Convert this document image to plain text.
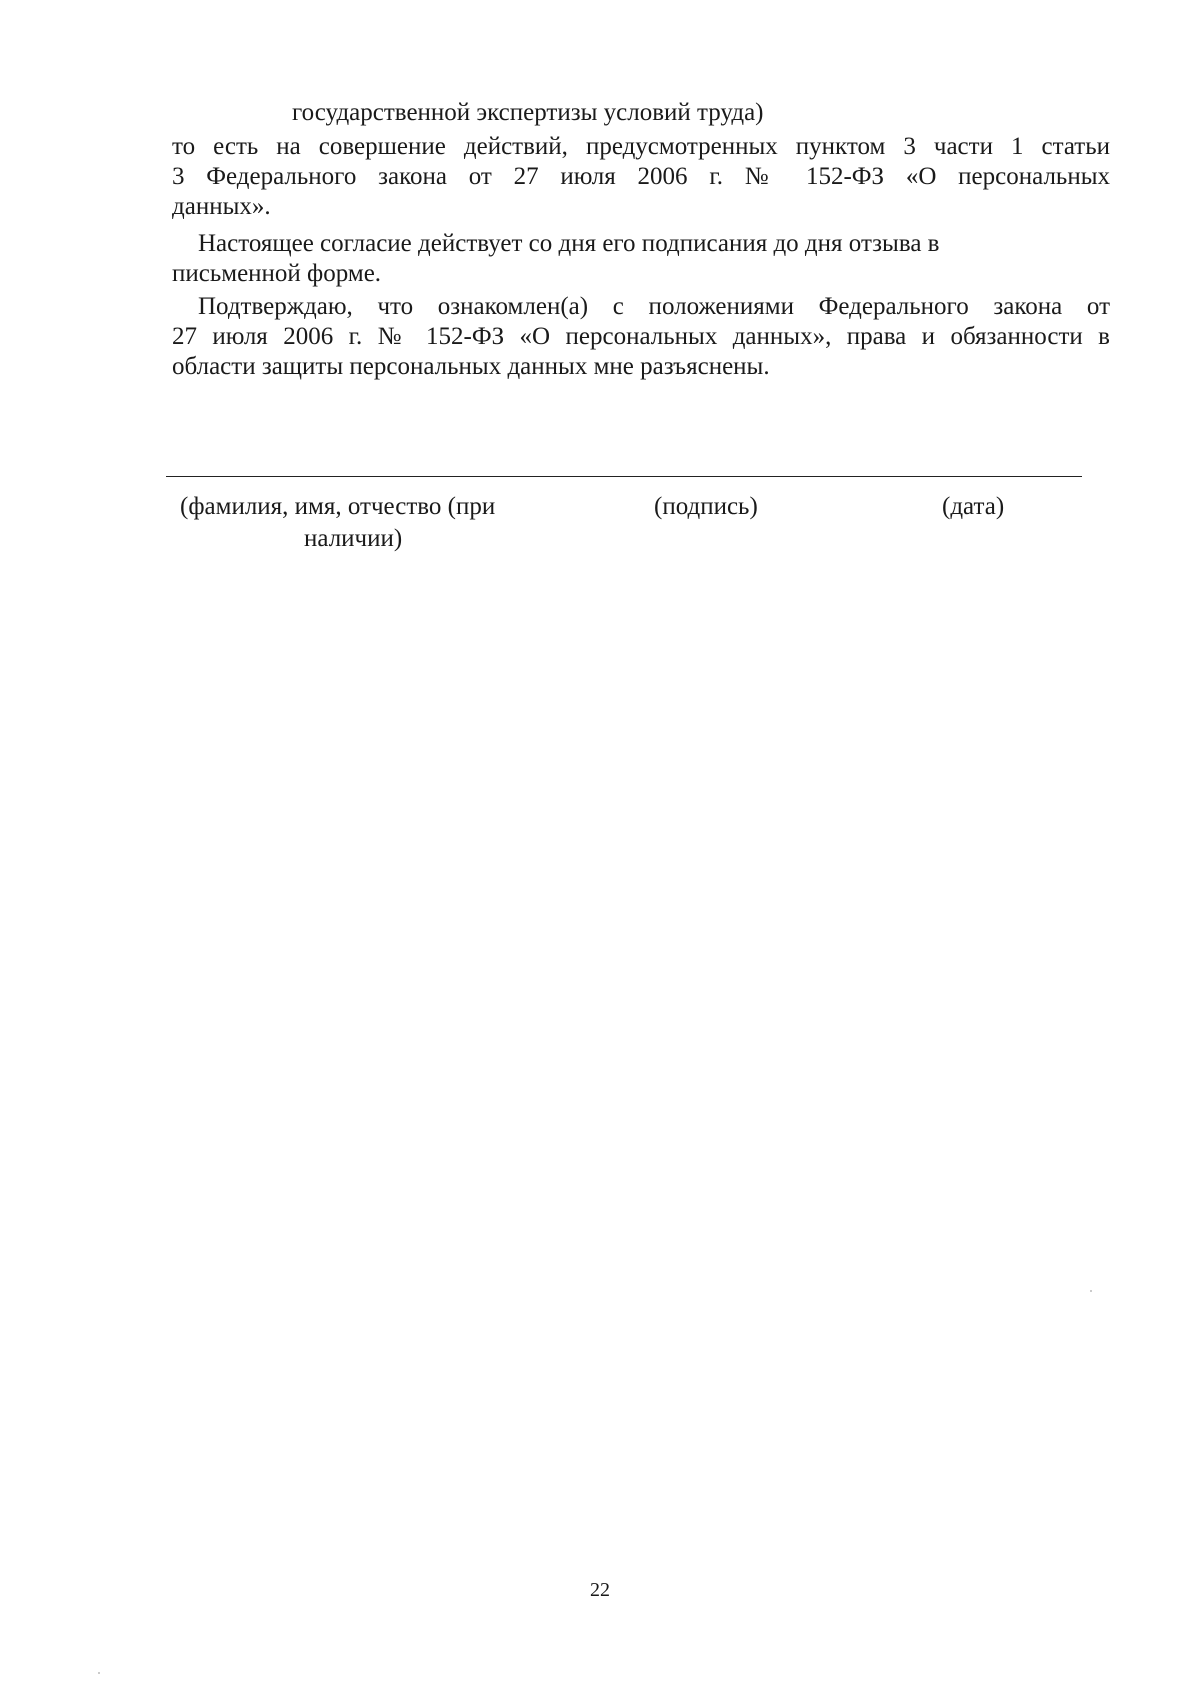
государственной экспертизы условий труда)
то есть на совершение действий, предусмотренных пунктом 3 части 1 статьи
3 Федерального закона от 27 июля 2006 г. № 152-ФЗ «О персональных
данных».
Настоящее согласие действует со дня его подписания до дня отзыва в
письменной форме.
Подтверждаю, что ознакомлен(а) с положениями Федерального закона от
27 июля 2006 г. № 152-ФЗ «О персональных данных», права и обязанности в
области защиты персональных данных мне разъяснены.
(фамилия, имя, отчество (при
наличии)
(подпись)	(дата)
22
